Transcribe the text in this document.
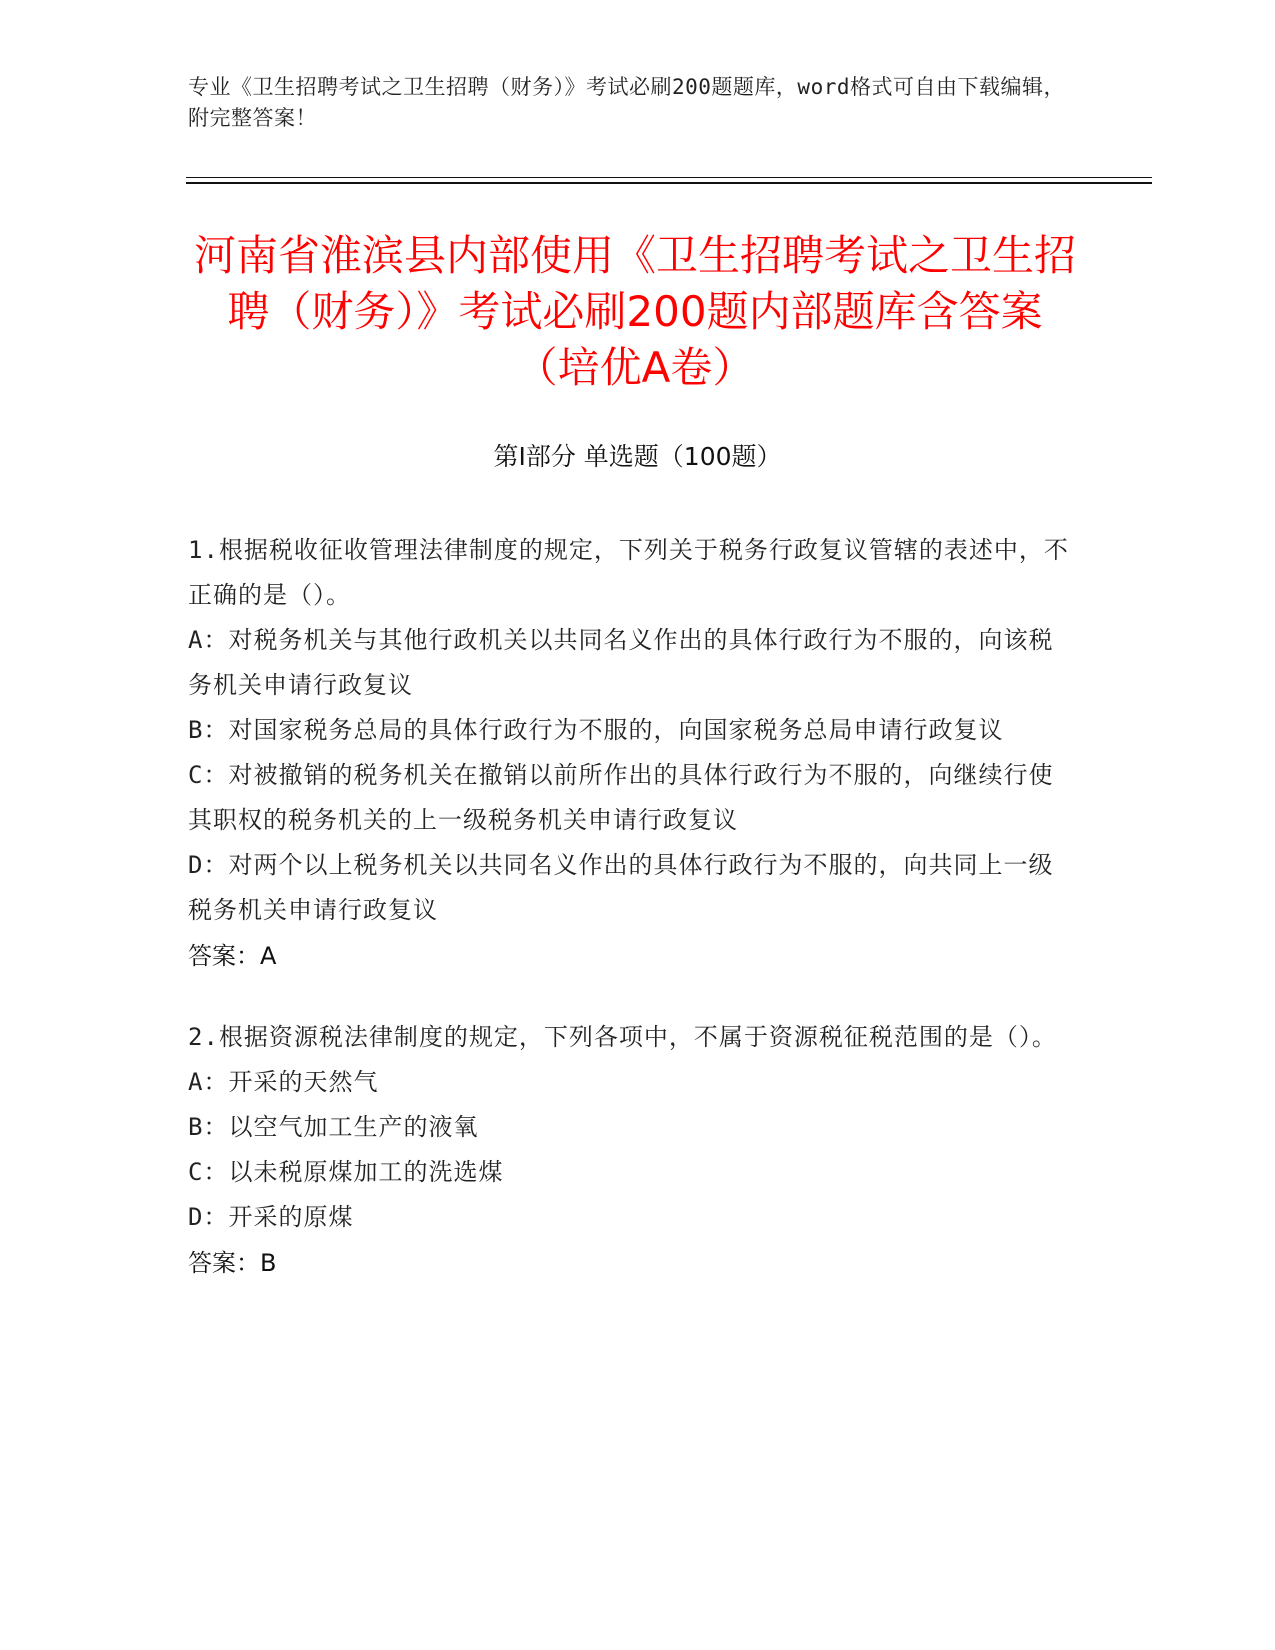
专业《卫生招聘考试之卫生招聘（财务）》考试必刷200题题库，word格式可自由下载编辑，附完整答案！
河南省淮滨县内部使用《卫生招聘考试之卫生招聘（财务）》考试必刷200题内部题库含答案（培优A卷）
第Ⅰ部分 单选题（100题）
1.根据税收征收管理法律制度的规定，下列关于税务行政复议管辖的表述中，不正确的是（）。
A：对税务机关与其他行政机关以共同名义作出的具体行政行为不服的，向该税务机关申请行政复议
B：对国家税务总局的具体行政行为不服的，向国家税务总局申请行政复议
C：对被撤销的税务机关在撤销以前所作出的具体行政行为不服的，向继续行使其职权的税务机关的上一级税务机关申请行政复议
D：对两个以上税务机关以共同名义作出的具体行政行为不服的，向共同上一级税务机关申请行政复议
答案：A
2.根据资源税法律制度的规定，下列各项中，不属于资源税征税范围的是（）。
A：开采的天然气
B：以空气加工生产的液氧
C：以未税原煤加工的洗选煤
D：开采的原煤
答案：B
